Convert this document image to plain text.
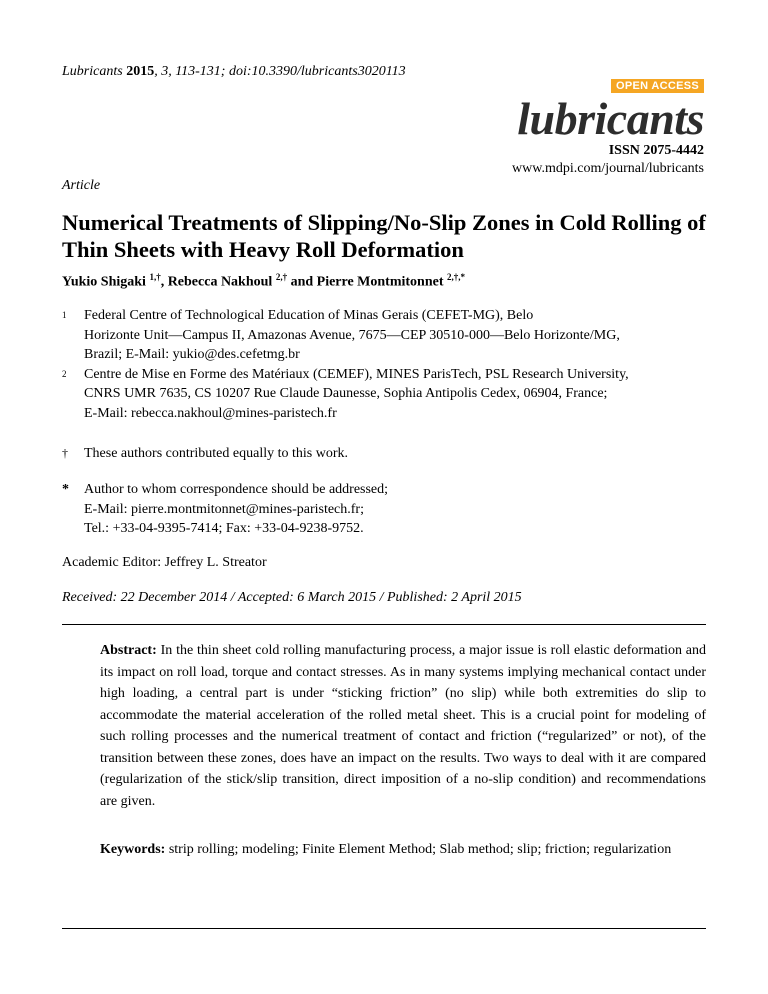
Lubricants 2015, 3, 113-131; doi:10.3390/lubricants3020113
OPEN ACCESS
lubricants
ISSN 2075-4442
www.mdpi.com/journal/lubricants
Article
Numerical Treatments of Slipping/No-Slip Zones in Cold Rolling of Thin Sheets with Heavy Roll Deformation
Yukio Shigaki $^{1,\dagger}$, Rebecca Nakhoul $^{2,\dagger}$ and Pierre Montmitonnet $^{2,\dagger,*}$
1 Federal Centre of Technological Education of Minas Gerais (CEFET-MG), Belo
Horizonte Unit—Campus II, Amazonas Avenue, 7675—CEP 30510-000—Belo Horizonte/MG,
Brazil; E-Mail: yukio@des.cefetmg.br
2 Centre de Mise en Forme des Matériaux (CEMEF), MINES ParisTech, PSL Research University,
CNRS UMR 7635, CS 10207 Rue Claude Daunesse, Sophia Antipolis Cedex, 06904, France;
E-Mail: rebecca.nakhoul@mines-paristech.fr
† These authors contributed equally to this work.
* Author to whom correspondence should be addressed;
E-Mail: pierre.montmitonnet@mines-paristech.fr;
Tel.: +33-04-9395-7414; Fax: +33-04-9238-9752.
Academic Editor: Jeffrey L. Streator
Received: 22 December 2014 / Accepted: 6 March 2015 / Published: 2 April 2015
Abstract: In the thin sheet cold rolling manufacturing process, a major issue is roll elastic deformation and its impact on roll load, torque and contact stresses. As in many systems implying mechanical contact under high loading, a central part is under “sticking friction” (no slip) while both extremities do slip to accommodate the material acceleration of the rolled metal sheet. This is a crucial point for modeling of such rolling processes and the numerical treatment of contact and friction (“regularized” or not), of the transition between these zones, does have an impact on the results. Two ways to deal with it are compared (regularization of the stick/slip transition, direct imposition of a no-slip condition) and recommendations are given.
Keywords: strip rolling; modeling; Finite Element Method; Slab method; slip; friction; regularization
